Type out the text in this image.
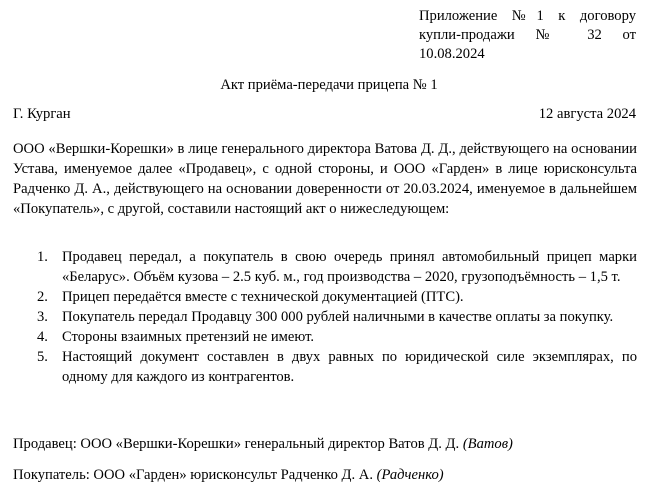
Приложение №1 к договору
купли-продажи № 32 от
10.08.2024
Акт приёма-передачи прицепа № 1
Г. Курган	12 августа 2024
ООО «Вершки-Корешки» в лице генерального директора Ватова Д. Д., действующего на основании Устава, именуемое далее «Продавец», с одной стороны, и ООО «Гарден» в лице юрисконсульта Радченко Д. А., действующего на основании доверенности от 20.03.2024, именуемое в дальнейшем «Покупатель», с другой, составили настоящий акт о нижеследующем:
1. Продавец передал, а покупатель в свою очередь принял автомобильный прицеп марки «Беларус». Объём кузова – 2.5 куб. м., год производства – 2020, грузоподъёмность – 1,5 т.
2. Прицеп передаётся вместе с технической документацией (ПТС).
3. Покупатель передал Продавцу 300 000 рублей наличными в качестве оплаты за покупку.
4. Стороны взаимных претензий не имеют.
5. Настоящий документ составлен в двух равных по юридической силе экземплярах, по одному для каждого из контрагентов.
Продавец: ООО «Вершки-Корешки» генеральный директор Ватов Д. Д. (Ватов)
Покупатель: ООО «Гарден» юрисконсульт Радченко Д. А. (Радченко)
